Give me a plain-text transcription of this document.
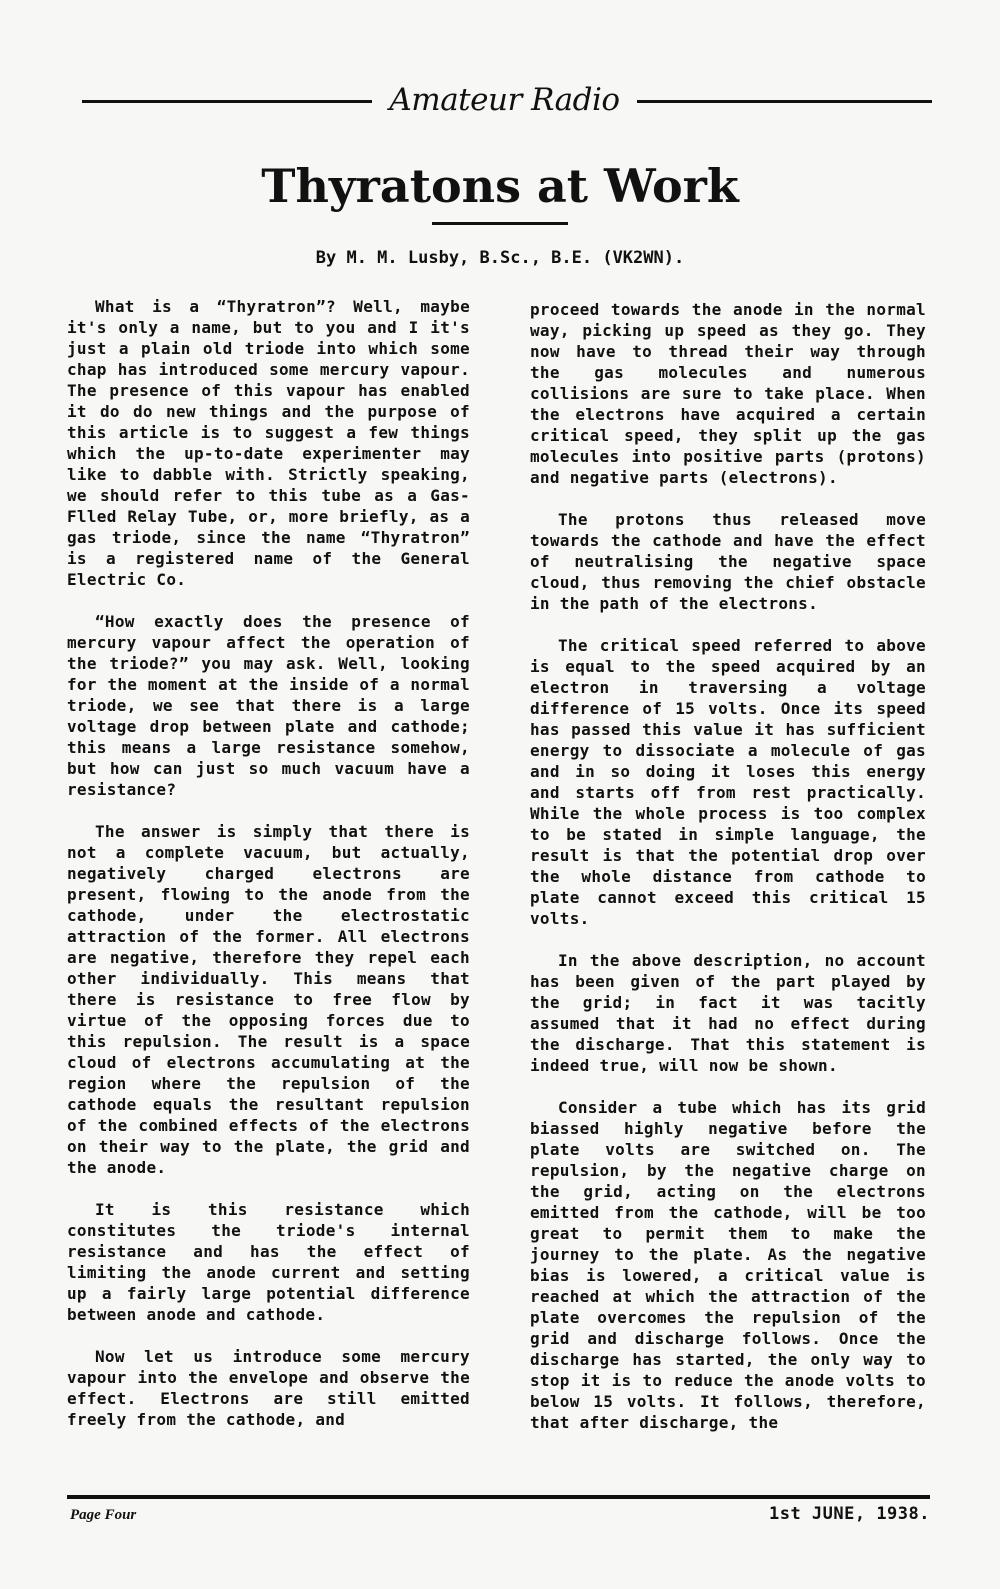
Amateur Radio
Thyratons at Work
By M. M. Lusby, B.Sc., B.E. (VK2WN).

What is a “Thyratron”? Well, maybe it's only a name, but to you and I it's just a plain old triode into which some chap has introduced some mercury vapour. The presence of this vapour has enabled it do do new things and the purpose of this article is to suggest a few things which the up-to-date experimenter may like to dabble with. Strictly speaking, we should refer to this tube as a Gas-Flled Relay Tube, or, more briefly, as a gas triode, since the name “Thyratron” is a registered name of the General Electric Co.

“How exactly does the presence of mercury vapour affect the operation of the triode?” you may ask. Well, looking for the moment at the inside of a normal triode, we see that there is a large voltage drop between plate and cathode; this means a large resistance somehow, but how can just so much vacuum have a resistance?

The answer is simply that there is not a complete vacuum, but actually, negatively charged electrons are present, flowing to the anode from the cathode, under the electrostatic attraction of the former. All electrons are negative, therefore they repel each other individually. This means that there is resistance to free flow by virtue of the opposing forces due to this repulsion. The result is a space cloud of electrons accumulating at the region where the repulsion of the cathode equals the resultant repulsion of the combined effects of the electrons on their way to the plate, the grid and the anode.

It is this resistance which constitutes the triode's internal resistance and has the effect of limiting the anode current and setting up a fairly large potential difference between anode and cathode.

Now let us introduce some mercury vapour into the envelope and observe the effect. Electrons are still emitted freely from the cathode, and

proceed towards the anode in the normal way, picking up speed as they go. They now have to thread their way through the gas molecules and numerous collisions are sure to take place. When the electrons have acquired a certain critical speed, they split up the gas molecules into positive parts (protons) and negative parts (electrons).

The protons thus released move towards the cathode and have the effect of neutralising the negative space cloud, thus removing the chief obstacle in the path of the electrons.

The critical speed referred to above is equal to the speed acquired by an electron in traversing a voltage difference of 15 volts. Once its speed has passed this value it has sufficient energy to dissociate a molecule of gas and in so doing it loses this energy and starts off from rest practically. While the whole process is too complex to be stated in simple language, the result is that the potential drop over the whole distance from cathode to plate cannot exceed this critical 15 volts.

In the above description, no account has been given of the part played by the grid; in fact it was tacitly assumed that it had no effect during the discharge. That this statement is indeed true, will now be shown.

Consider a tube which has its grid biassed highly negative before the plate volts are switched on. The repulsion, by the negative charge on the grid, acting on the electrons emitted from the cathode, will be too great to permit them to make the journey to the plate. As the negative bias is lowered, a critical value is reached at which the attraction of the plate overcomes the repulsion of the grid and discharge follows. Once the discharge has started, the only way to stop it is to reduce the anode volts to below 15 volts. It follows, therefore, that after discharge, the

Page Four	1st JUNE, 1938.
